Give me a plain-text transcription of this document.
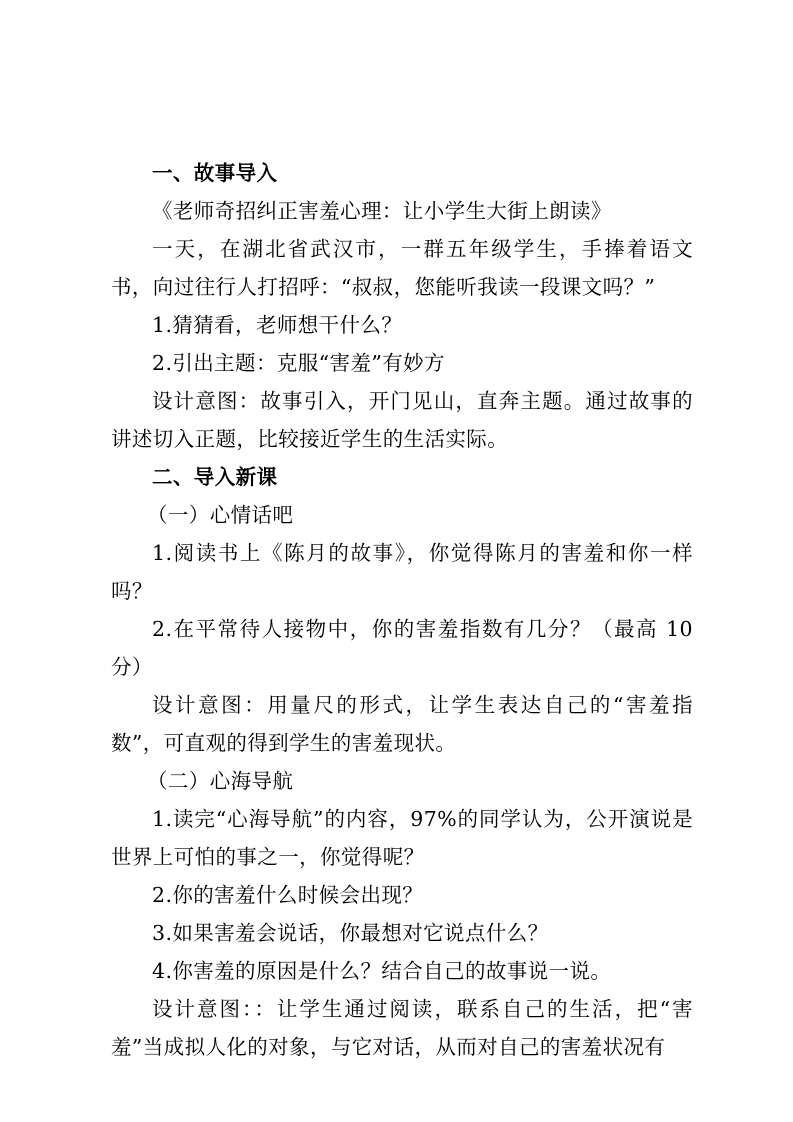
一、故事导入

《老师奇招纠正害羞心理：让小学生大街上朗读》

一天，在湖北省武汉市，一群五年级学生，手捧着语文书，向过往行人打招呼：“叔叔，您能听我读一段课文吗？”

1.猜猜看，老师想干什么？

2.引出主题：克服“害羞”有妙方

设计意图：故事引入，开门见山，直奔主题。通过故事的讲述切入正题，比较接近学生的生活实际。

二、导入新课

（一）心情话吧

1.阅读书上《陈月的故事》，你觉得陈月的害羞和你一样吗？

2.在平常待人接物中，你的害羞指数有几分？（最高 10 分）

设计意图：用量尺的形式，让学生表达自己的“害羞指数”，可直观的得到学生的害羞现状。

（二）心海导航

1.读完“心海导航”的内容，97%的同学认为，公开演说是世界上可怕的事之一，你觉得呢？

2.你的害羞什么时候会出现？

3.如果害羞会说话，你最想对它说点什么？

4.你害羞的原因是什么？结合自己的故事说一说。

设计意图：：让学生通过阅读，联系自己的生活，把“害羞”当成拟人化的对象，与它对话，从而对自己的害羞状况有
